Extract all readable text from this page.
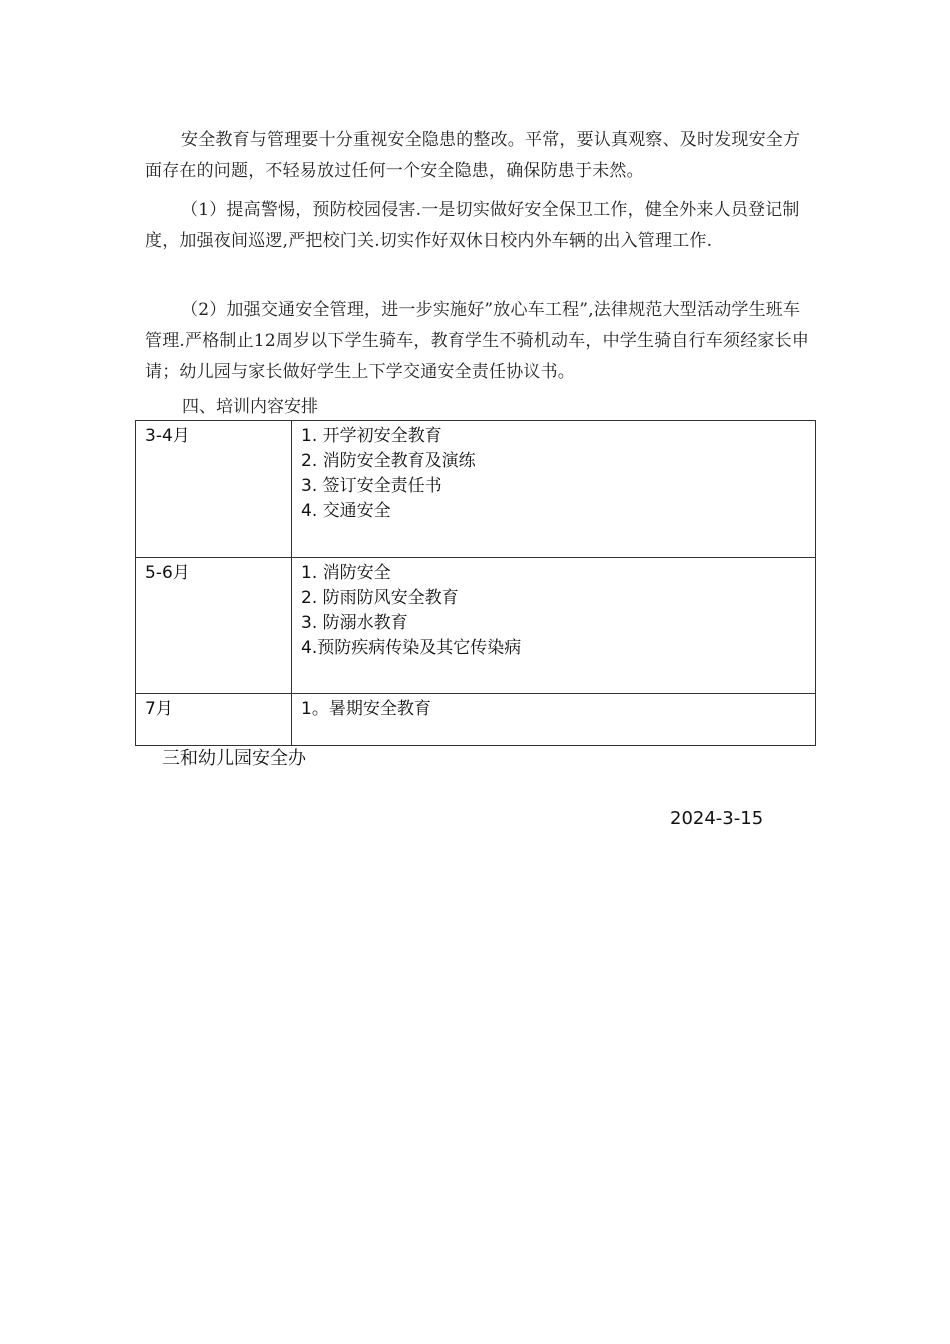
安全教育与管理要十分重视安全隐患的整改。平常，要认真观察、及时发现安全方面存在的问题，不轻易放过任何一个安全隐患，确保防患于未然。

（1）提高警惕，预防校园侵害.一是切实做好安全保卫工作，健全外来人员登记制度，加强夜间巡逻,严把校门关.切实作好双休日校内外车辆的出入管理工作.

（2）加强交通安全管理，进一步实施好”放心车工程”,法律规范大型活动学生班车管理.严格制止12周岁以下学生骑车，教育学生不骑机动车，中学生骑自行车须经家长申请；幼儿园与家长做好学生上下学交通安全责任协议书。

四、培训内容安排

3-4月	1. 开学初安全教育
2. 消防安全教育及演练
3. 签订安全责任书
4. 交通安全

5-6月	1. 消防安全
2. 防雨防风安全教育
3. 防溺水教育
4.预防疾病传染及其它传染病

7月	1。暑期安全教育

三和幼儿园安全办

2024-3-15
